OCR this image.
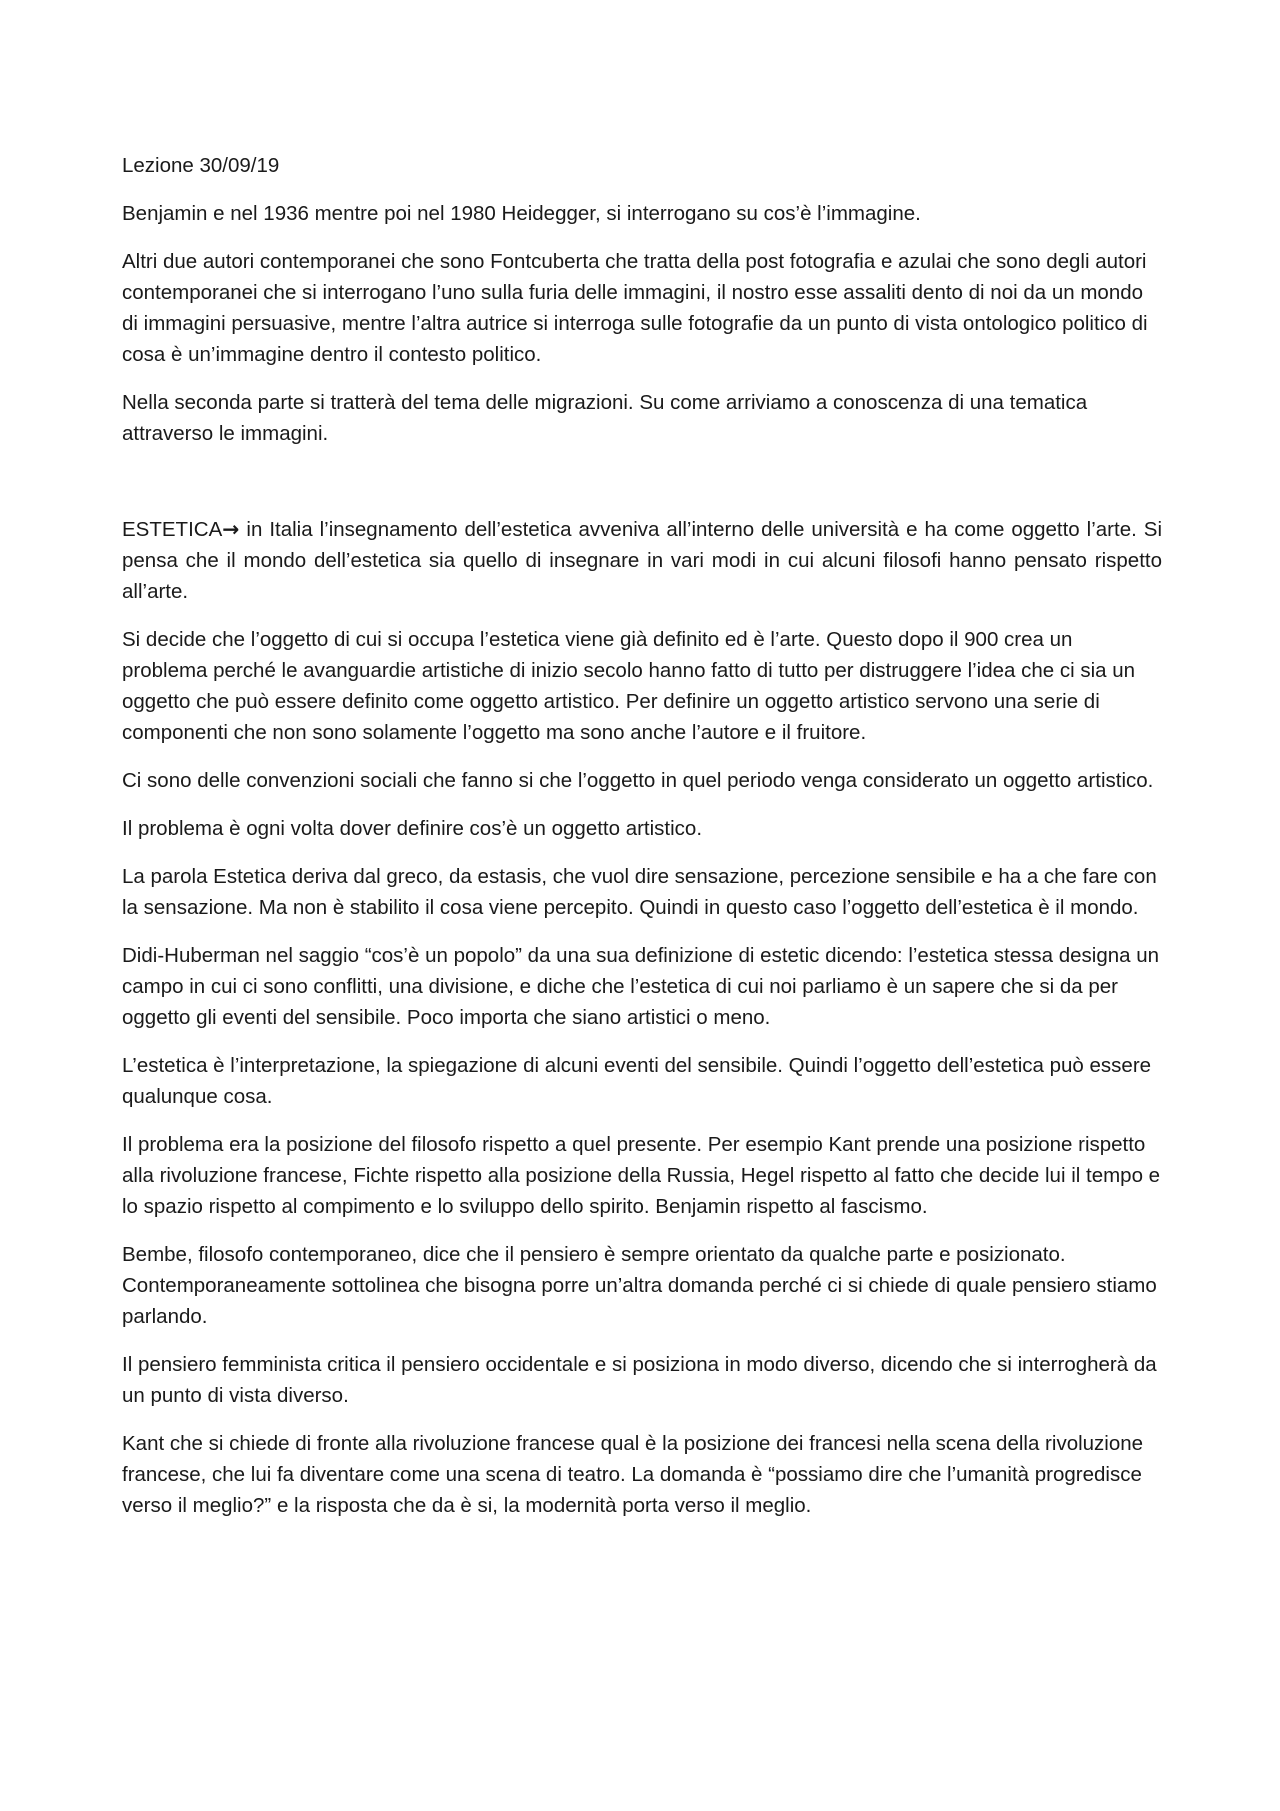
Lezione 30/09/19

Benjamin e nel 1936 mentre poi nel 1980 Heidegger, si interrogano su cos’è l’immagine.

Altri due autori contemporanei che sono Fontcuberta che tratta della post fotografia e azulai che sono degli autori contemporanei che si interrogano l’uno sulla furia delle immagini, il nostro esse assaliti dento di noi da un mondo di immagini persuasive, mentre l’altra autrice si interroga sulle fotografie da un punto di vista ontologico politico di cosa è un’immagine dentro il contesto politico.

Nella seconda parte si tratterà del tema delle migrazioni. Su come arriviamo a conoscenza di una tematica attraverso le immagini.

ESTETICA→ in Italia l’insegnamento dell’estetica avveniva all’interno delle università e ha come oggetto l’arte. Si pensa che il mondo dell’estetica sia quello di insegnare in vari modi in cui alcuni filosofi hanno pensato rispetto all’arte.

Si decide che l’oggetto di cui si occupa l’estetica viene già definito ed è l’arte. Questo dopo il 900 crea un problema perché le avanguardie artistiche di inizio secolo hanno fatto di tutto per distruggere l’idea che ci sia un oggetto che può essere definito come oggetto artistico. Per definire un oggetto artistico servono una serie di componenti che non sono solamente l’oggetto ma sono anche l’autore e il fruitore.

Ci sono delle convenzioni sociali che fanno si che l’oggetto in quel periodo venga considerato un oggetto artistico.

Il problema è ogni volta dover definire cos’è un oggetto artistico.

La parola Estetica deriva dal greco, da estasis, che vuol dire sensazione, percezione sensibile e ha a che fare con la sensazione. Ma non è stabilito il cosa viene percepito. Quindi in questo caso l’oggetto dell’estetica è il mondo.

Didi-Huberman nel saggio “cos’è un popolo” da una sua definizione di estetic dicendo: l’estetica stessa designa un campo in cui ci sono conflitti, una divisione, e diche che l’estetica di cui noi parliamo è un sapere che si da per oggetto gli eventi del sensibile. Poco importa che siano artistici o meno.

L’estetica è l’interpretazione, la spiegazione di alcuni eventi del sensibile. Quindi l’oggetto dell’estetica può essere qualunque cosa.

Il problema era la posizione del filosofo rispetto a quel presente. Per esempio Kant prende una posizione rispetto alla rivoluzione francese, Fichte rispetto alla posizione della Russia, Hegel rispetto al fatto che decide lui il tempo e lo spazio rispetto al compimento e lo sviluppo dello spirito. Benjamin rispetto al fascismo.

Bembe, filosofo contemporaneo, dice che il pensiero è sempre orientato da qualche parte e posizionato. Contemporaneamente sottolinea che bisogna porre un’altra domanda perché ci si chiede di quale pensiero stiamo parlando.

Il pensiero femminista critica il pensiero occidentale e si posiziona in modo diverso, dicendo che si interrogherà da un punto di vista diverso.

Kant che si chiede di fronte alla rivoluzione francese qual è la posizione dei francesi nella scena della rivoluzione francese, che lui fa diventare come una scena di teatro. La domanda è “possiamo dire che l’umanità progredisce verso il meglio?” e la risposta che da è si, la modernità porta verso il meglio.
